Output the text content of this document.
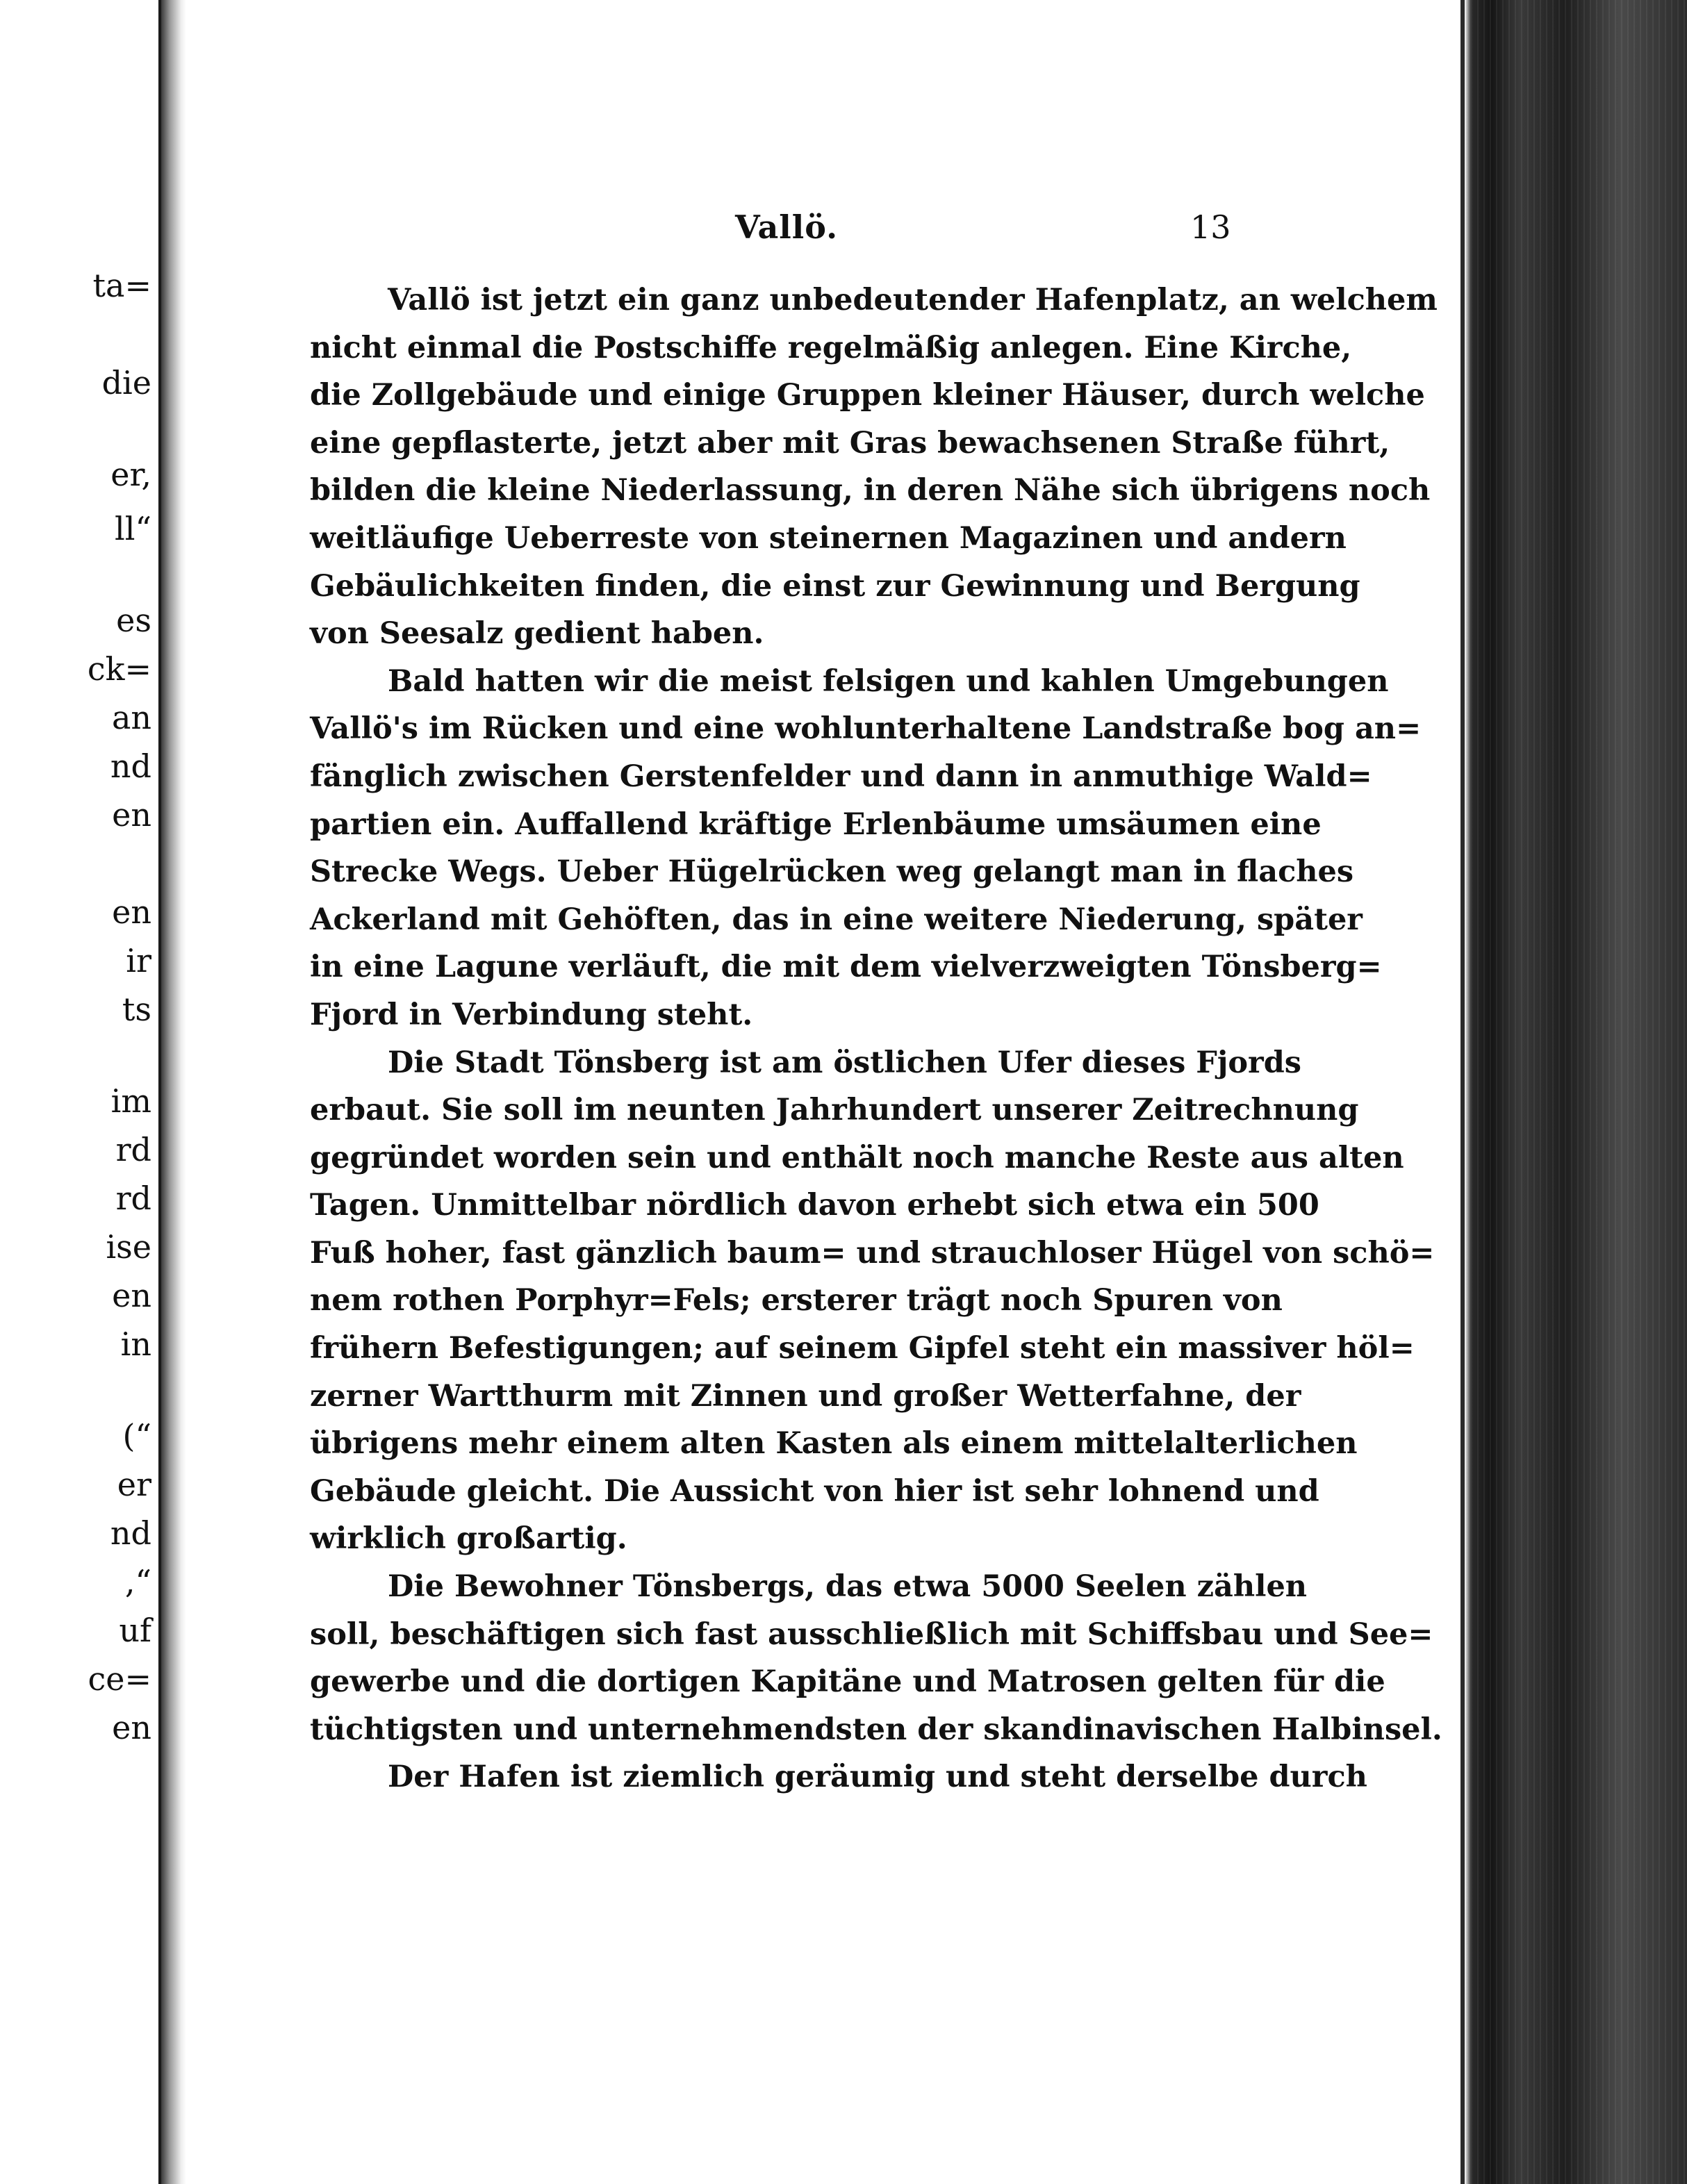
ta=
die
er,
ll“
es
ck=
an
nd
en
en
ir
ts
im
rd
rd
ise
en
in
(“
er
nd
,“
uf
ce=
en
Vallö.	13
Vallö ist jetzt ein ganz unbedeutender Hafenplatz, an welchem
nicht einmal die Postschiffe regelmäßig anlegen. Eine Kirche,
die Zollgebäude und einige Gruppen kleiner Häuser, durch welche
eine gepflasterte, jetzt aber mit Gras bewachsenen Straße führt,
bilden die kleine Niederlassung, in deren Nähe sich übrigens noch
weitläufige Ueberreste von steinernen Magazinen und andern
Gebäulichkeiten finden, die einst zur Gewinnung und Bergung
von Seesalz gedient haben.
Bald hatten wir die meist felsigen und kahlen Umgebungen
Vallö's im Rücken und eine wohlunterhaltene Landstraße bog an=
fänglich zwischen Gerstenfelder und dann in anmuthige Wald=
partien ein. Auffallend kräftige Erlenbäume umsäumen eine
Strecke Wegs. Ueber Hügelrücken weg gelangt man in flaches
Ackerland mit Gehöften, das in eine weitere Niederung, später
in eine Lagune verläuft, die mit dem vielverzweigten Tönsberg=
Fjord in Verbindung steht.
Die Stadt Tönsberg ist am östlichen Ufer dieses Fjords
erbaut. Sie soll im neunten Jahrhundert unserer Zeitrechnung
gegründet worden sein und enthält noch manche Reste aus alten
Tagen. Unmittelbar nördlich davon erhebt sich etwa ein 500
Fuß hoher, fast gänzlich baum= und strauchloser Hügel von schö=
nem rothen Porphyr=Fels; ersterer trägt noch Spuren von
frühern Befestigungen; auf seinem Gipfel steht ein massiver höl=
zerner Wartthurm mit Zinnen und großer Wetterfahne, der
übrigens mehr einem alten Kasten als einem mittelalterlichen
Gebäude gleicht. Die Aussicht von hier ist sehr lohnend und
wirklich großartig.
Die Bewohner Tönsbergs, das etwa 5000 Seelen zählen
soll, beschäftigen sich fast ausschließlich mit Schiffsbau und See=
gewerbe und die dortigen Kapitäne und Matrosen gelten für die
tüchtigsten und unternehmendsten der skandinavischen Halbinsel.
Der Hafen ist ziemlich geräumig und steht derselbe durch
